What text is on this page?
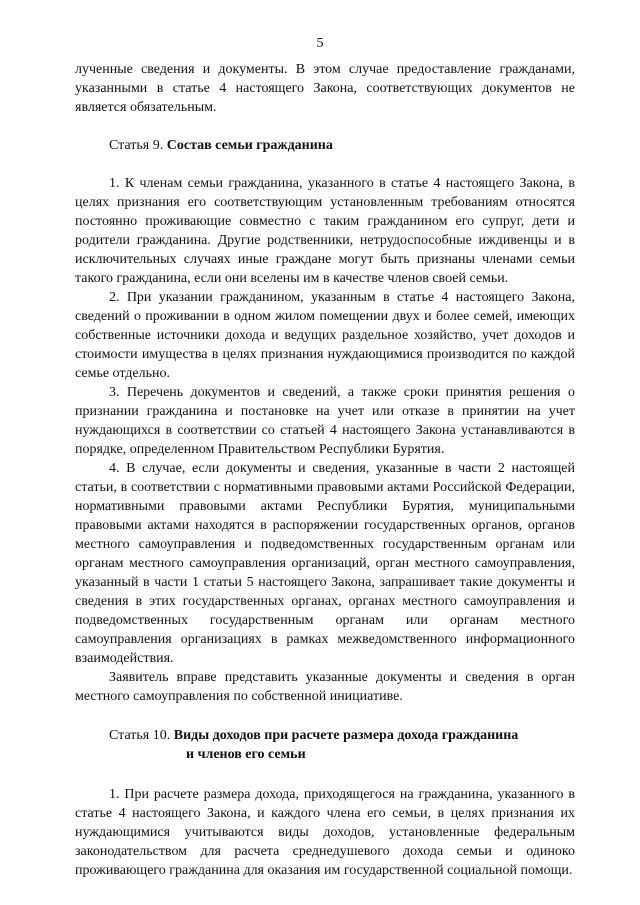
5

лученные сведения и документы. В этом случае предоставление гражданами, указанными в статье 4 настоящего Закона, соответствующих документов не является обязательным.

Статья 9. Состав семьи гражданина

1. К членам семьи гражданина, указанного в статье 4 настоящего Закона, в целях признания его соответствующим установленным требованиям относятся постоянно проживающие совместно с таким гражданином его супруг, дети и родители гражданина. Другие родственники, нетрудоспособные иждивенцы и в исключительных случаях иные граждане могут быть признаны членами семьи такого гражданина, если они вселены им в качестве членов своей семьи.

2. При указании гражданином, указанным в статье 4 настоящего Закона, сведений о проживании в одном жилом помещении двух и более семей, имеющих собственные источники дохода и ведущих раздельное хозяйство, учет доходов и стоимости имущества в целях признания нуждающимися производится по каждой семье отдельно.

3. Перечень документов и сведений, а также сроки принятия решения о признании гражданина и постановке на учет или отказе в принятии на учет нуждающихся в соответствии со статьей 4 настоящего Закона устанавливаются в порядке, определенном Правительством Республики Бурятия.

4. В случае, если документы и сведения, указанные в части 2 настоящей статьи, в соответствии с нормативными правовыми актами Российской Федерации, нормативными правовыми актами Республики Бурятия, муниципальными правовыми актами находятся в распоряжении государственных органов, органов местного самоуправления и подведомственных государственным органам или органам местного самоуправления организаций, орган местного самоуправления, указанный в части 1 статьи 5 настоящего Закона, запрашивает такие документы и сведения в этих государственных органах, органах местного самоуправления и подведомственных государственным органам или органам местного самоуправления организациях в рамках межведомственного информационного взаимодействия.

Заявитель вправе представить указанные документы и сведения в орган местного самоуправления по собственной инициативе.

Статья 10. Виды доходов при расчете размера дохода гражданина
и членов его семьи

1. При расчете размера дохода, приходящегося на гражданина, указанного в статье 4 настоящего Закона, и каждого члена его семьи, в целях признания их нуждающимися учитываются виды доходов, установленные федеральным законодательством для расчета среднедушевого дохода семьи и одиноко проживающего гражданина для оказания им государственной социальной помощи.
